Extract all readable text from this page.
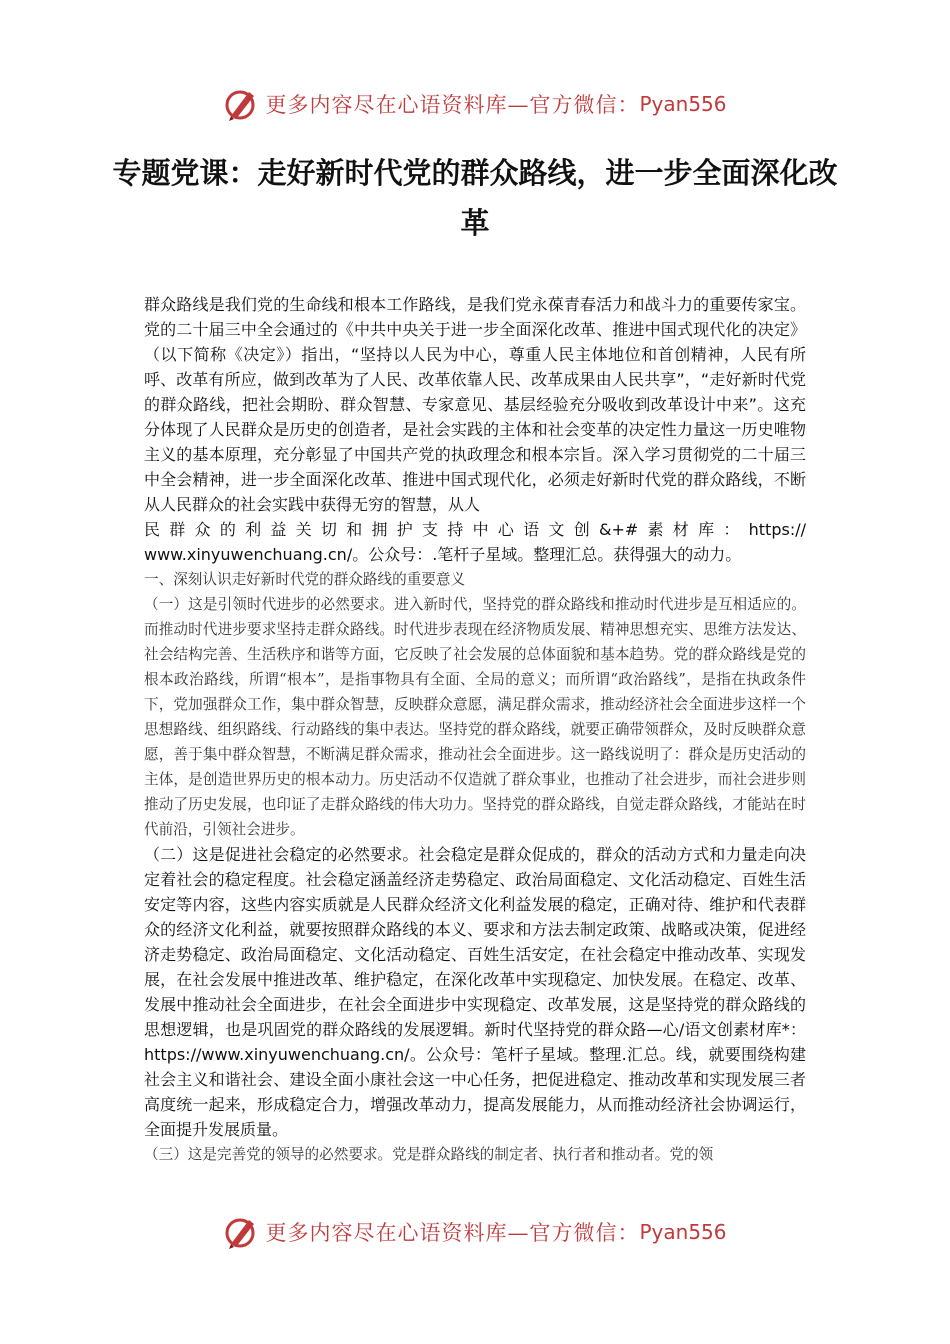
更多内容尽在心语资料库—官方微信： Pyan556
专题党课：走好新时代党的群众路线，进一步全面深化改革

群众路线是我们党的生命线和根本工作路线，是我们党永葆青春活力和战斗力的重要传家宝。党的二十届三中全会通过的《中共中央关于进一步全面深化改革、推进中国式现代化的决定》（以下简称《决定》）指出，“坚持以人民为中心，尊重人民主体地位和首创精神，人民有所呼、改革有所应，做到改革为了人民、改革依靠人民、改革成果由人民共享”，“走好新时代党的群众路线，把社会期盼、群众智慧、专家意见、基层经验充分吸收到改革设计中来”。这充分体现了人民群众是历史的创造者，是社会实践的主体和社会变革的决定性力量这一历史唯物主义的基本原理，充分彰显了中国共产党的执政理念和根本宗旨。深入学习贯彻党的二十届三中全会精神，进一步全面深化改革、推进中国式现代化，必须走好新时代党的群众路线，不断从人民群众的社会实践中获得无穷的智慧，从人

民群众的利益关切和拥护支持中心语文创&+#素材库：https://

www.xinyuwenchuang.cn/。公众号：.笔杆子星域。整理汇总。获得强大的动力。

一、深刻认识走好新时代党的群众路线的重要意义

（一）这是引领时代进步的必然要求。进入新时代，坚持党的群众路线和推动时代进步是互相适应的。而推动时代进步要求坚持走群众路线。时代进步表现在经济物质发展、精神思想充实、思维方法发达、社会结构完善、生活秩序和谐等方面，它反映了社会发展的总体面貌和基本趋势。党的群众路线是党的根本政治路线，所谓“根本”，是指事物具有全面、全局的意义；而所谓“政治路线”，是指在执政条件下，党加强群众工作，集中群众智慧，反映群众意愿，满足群众需求，推动经济社会全面进步这样一个思想路线、组织路线、行动路线的集中表达。坚持党的群众路线，就要正确带领群众，及时反映群众意愿，善于集中群众智慧，不断满足群众需求，推动社会全面进步。这一路线说明了：群众是历史活动的主体，是创造世界历史的根本动力。历史活动不仅造就了群众事业，也推动了社会进步，而社会进步则推动了历史发展，也印证了走群众路线的伟大功力。坚持党的群众路线，自觉走群众路线，才能站在时代前沿，引领社会进步。

（二）这是促进社会稳定的必然要求。社会稳定是群众促成的，群众的活动方式和力量走向决定着社会的稳定程度。社会稳定涵盖经济走势稳定、政治局面稳定、文化活动稳定、百姓生活安定等内容，这些内容实质就是人民群众经济文化利益发展的稳定，正确对待、维护和代表群众的经济文化利益，就要按照群众路线的本义、要求和方法去制定政策、战略或决策，促进经济走势稳定、政治局面稳定、文化活动稳定、百姓生活安定，在社会稳定中推动改革、实现发展，在社会发展中推进改革、维护稳定，在深化改革中实现稳定、加快发展。在稳定、改革、发展中推动社会全面进步，在社会全面进步中实现稳定、改革发展，这是坚持党的群众路线的思想逻辑，也是巩固党的群众路线的发展逻辑。新时代坚持党的群众路—心/语文创素材库*：https://www.xinyuwenchuang.cn/。公众号：笔杆子星域。整理.汇总。线，就要围绕构建社会主义和谐社会、建设全面小康社会这一中心任务，把促进稳定、推动改革和实现发展三者高度统一起来，形成稳定合力，增强改革动力，提高发展能力，从而推动经济社会协调运行，全面提升发展质量。

（三）这是完善党的领导的必然要求。党是群众路线的制定者、执行者和推动者。党的领

更多内容尽在心语资料库—官方微信： Pyan556
